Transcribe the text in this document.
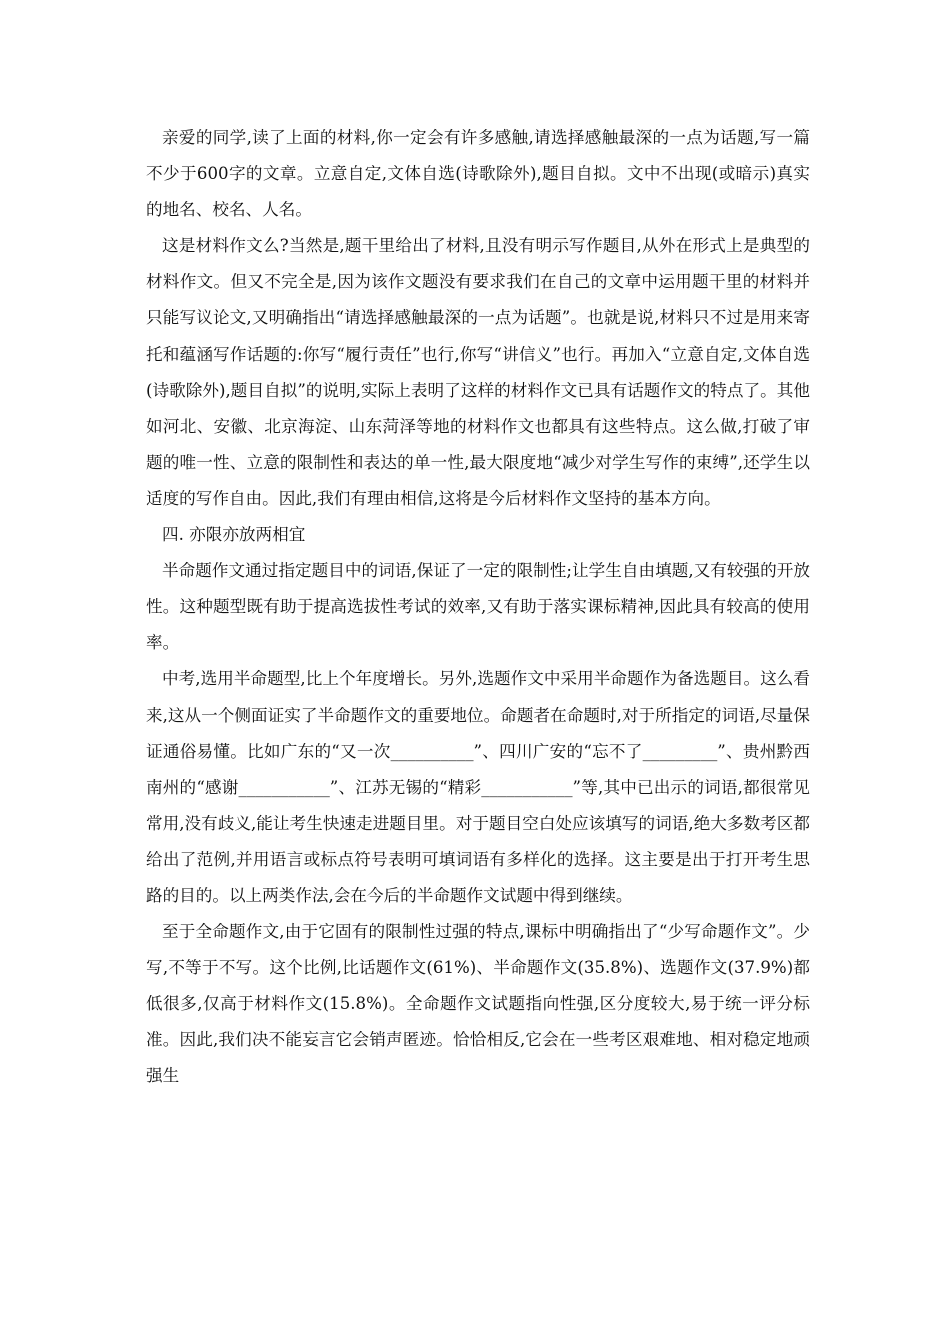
亲爱的同学,读了上面的材料,你一定会有许多感触,请选择感触最深的一点为话题,写一篇不少于600字的文章。立意自定,文体自选(诗歌除外),题目自拟。文中不出现(或暗示)真实的地名、校名、人名。

这是材料作文么?当然是,题干里给出了材料,且没有明示写作题目,从外在形式上是典型的材料作文。但又不完全是,因为该作文题没有要求我们在自己的文章中运用题干里的材料并只能写议论文,又明确指出“请选择感触最深的一点为话题”。也就是说,材料只不过是用来寄托和蕴涵写作话题的:你写“履行责任”也行,你写“讲信义”也行。再加入“立意自定,文体自选(诗歌除外),题目自拟”的说明,实际上表明了这样的材料作文已具有话题作文的特点了。其他如河北、安徽、北京海淀、山东菏泽等地的材料作文也都具有这些特点。这么做,打破了审题的唯一性、立意的限制性和表达的单一性,最大限度地“减少对学生写作的束缚”,还学生以适度的写作自由。因此,我们有理由相信,这将是今后材料作文坚持的基本方向。

四. 亦限亦放两相宜

半命题作文通过指定题目中的词语,保证了一定的限制性;让学生自由填题,又有较强的开放性。这种题型既有助于提高选拔性考试的效率,又有助于落实课标精神,因此具有较高的使用率。

中考,选用半命题型,比上个年度增长。另外,选题作文中采用半命题作为备选题目。这么看来,这从一个侧面证实了半命题作文的重要地位。命题者在命题时,对于所指定的词语,尽量保证通俗易懂。比如广东的“又一次__________”、四川广安的“忘不了_________”、贵州黔西南州的“感谢___________”、江苏无锡的“精彩___________”等,其中已出示的词语,都很常见常用,没有歧义,能让考生快速走进题目里。对于题目空白处应该填写的词语,绝大多数考区都给出了范例,并用语言或标点符号表明可填词语有多样化的选择。这主要是出于打开考生思路的目的。以上两类作法,会在今后的半命题作文试题中得到继续。

至于全命题作文,由于它固有的限制性过强的特点,课标中明确指出了“少写命题作文”。少写,不等于不写。这个比例,比话题作文(61%)、半命题作文(35.8%)、选题作文(37.9%)都低很多,仅高于材料作文(15.8%)。全命题作文试题指向性强,区分度较大,易于统一评分标准。因此,我们决不能妄言它会销声匿迹。恰恰相反,它会在一些考区艰难地、相对稳定地顽强生
